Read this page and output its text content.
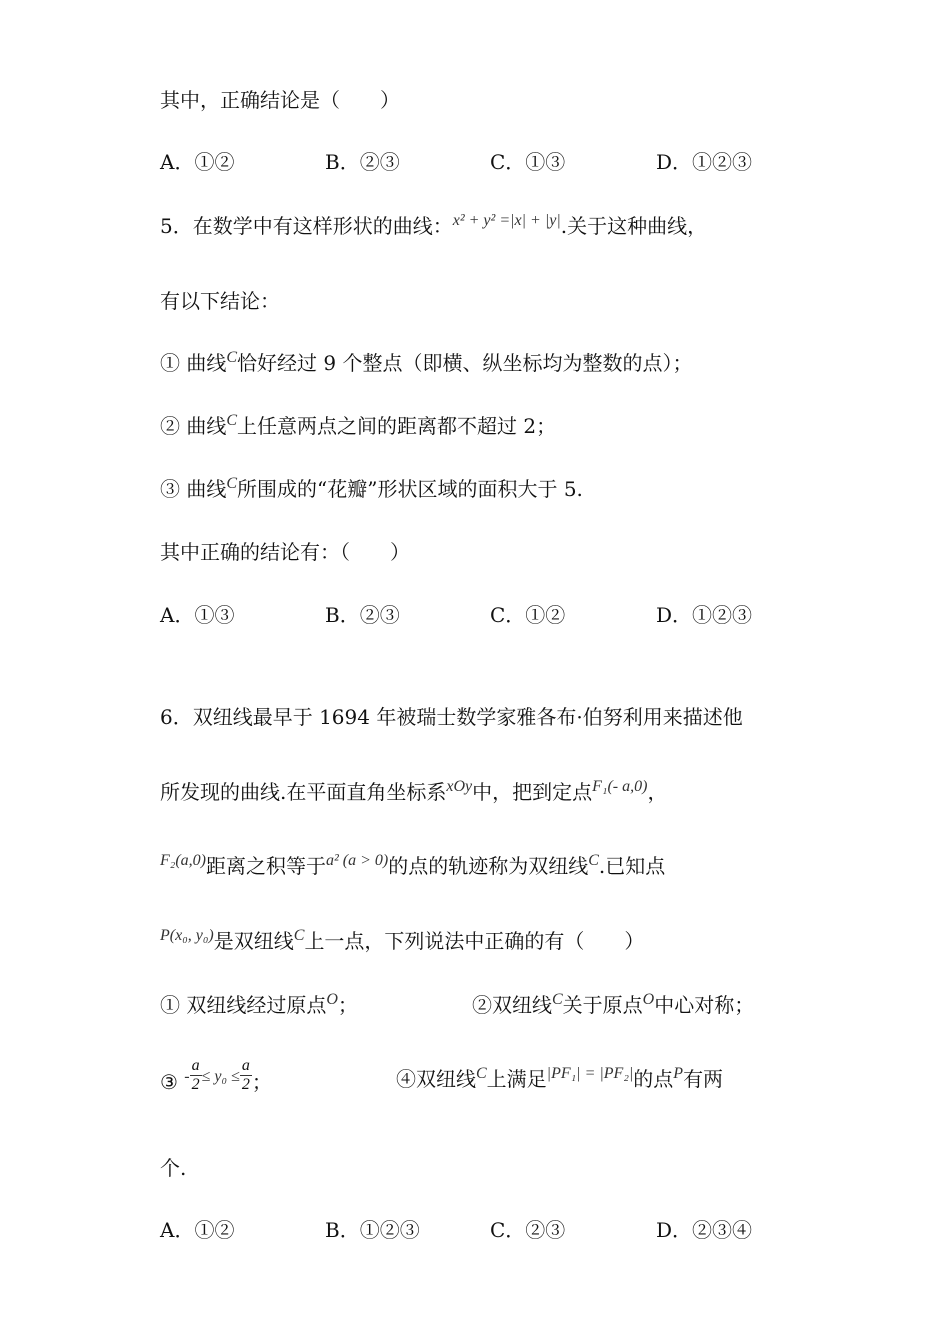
其中，正确结论是（　　）
A．①②	B．②③	C．①③	D．①②③
5．在数学中有这样形状的曲线：$^{x^2 + y^2 =|x| + |y|}$.关于这种曲线，
有以下结论：
① 曲线$^C$恰好经过 9 个整点（即横、纵坐标均为整数的点）；
② 曲线$^C$上任意两点之间的距离都不超过 2；
③ 曲线$^C$所围成的“花瓣”形状区域的面积大于 5.
其中正确的结论有：（　　）
A．①③	B．②③	C．①②	D．①②③
6．双纽线最早于 1694 年被瑞士数学家雅各布·伯努利用来描述他
所发现的曲线.在平面直角坐标系$^{xOy}$中，把到定点$^{F_1(- a,0)}$，
$^{F_2(a,0)}$距离之积等于$^{a^2 (a > 0)}$的点的轨迹称为双纽线$^C$.已知点
$^{P(x_0, y_0)}$是双纽线$^C$上一点，下列说法中正确的有（　　）
① 双纽线经过原点$^O$；	②双纽线$^C$关于原点$^O$中心对称；
③ $^- \frac{a}{2} ^{\le y_0 \le} \frac{a}{2}$ ；	④双纽线$^C$上满足$^{|PF_1| = |PF_2|}$的点$^P$有两
个.
A．①②	B．①②③	C．②③	D．②③④
